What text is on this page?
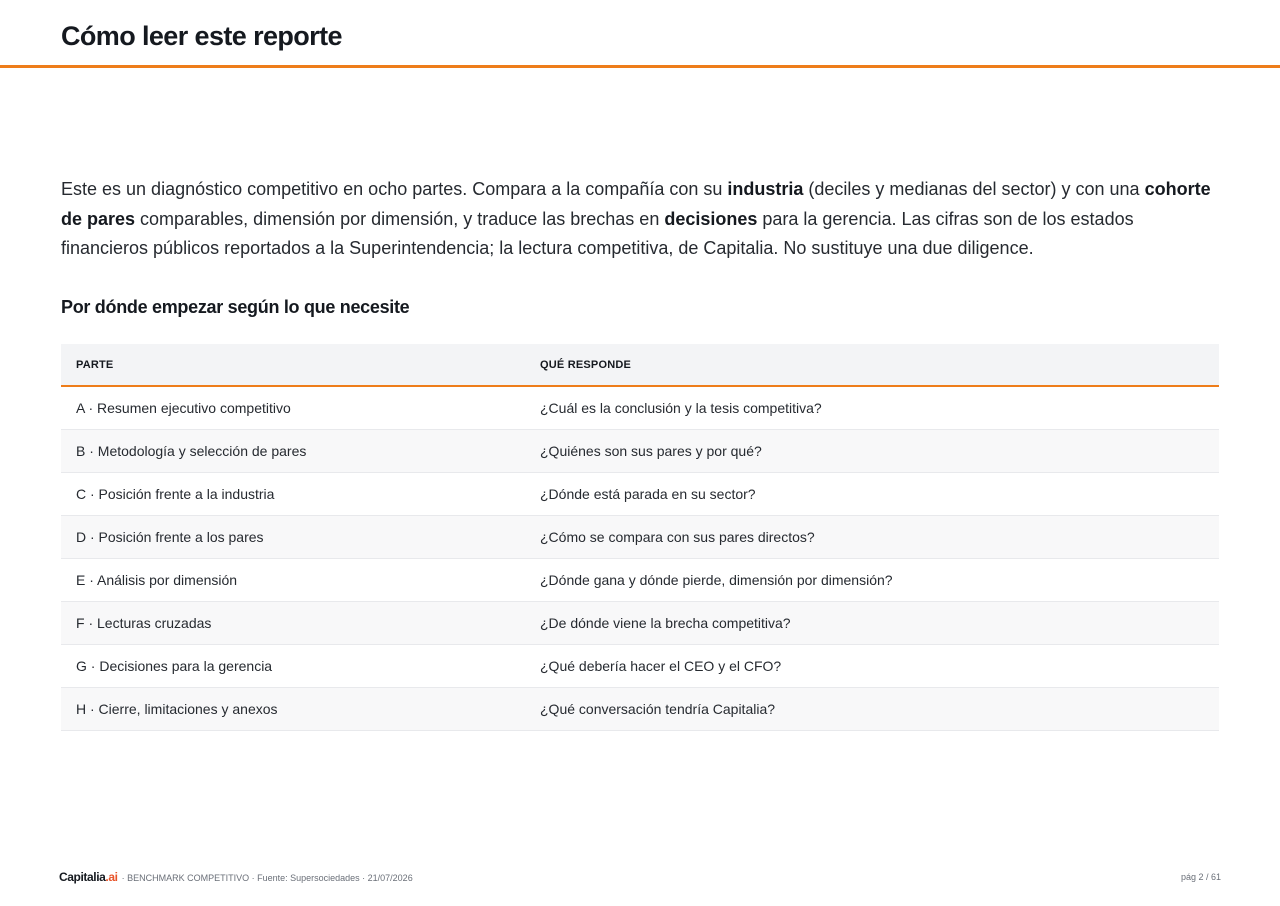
Cómo leer este reporte

Este es un diagnóstico competitivo en ocho partes. Compara a la compañía con su industria (deciles y medianas del sector) y con una cohorte de pares comparables, dimensión por dimensión, y traduce las brechas en decisiones para la gerencia. Las cifras son de los estados financieros públicos reportados a la Superintendencia; la lectura competitiva, de Capitalia. No sustituye una due diligence.

Por dónde empezar según lo que necesite
PARTE	QUÉ RESPONDE
A · Resumen ejecutivo competitivo	¿Cuál es la conclusión y la tesis competitiva?
B · Metodología y selección de pares	¿Quiénes son sus pares y por qué?
C · Posición frente a la industria	¿Dónde está parada en su sector?
D · Posición frente a los pares	¿Cómo se compara con sus pares directos?
E · Análisis por dimensión	¿Dónde gana y dónde pierde, dimensión por dimensión?
F · Lecturas cruzadas	¿De dónde viene la brecha competitiva?
G · Decisiones para la gerencia	¿Qué debería hacer el CEO y el CFO?
H · Cierre, limitaciones y anexos	¿Qué conversación tendría Capitalia?
Capitalia.ai · BENCHMARK COMPETITIVO · Fuente: Supersociedades · 21/07/2026	pág 2 / 61
